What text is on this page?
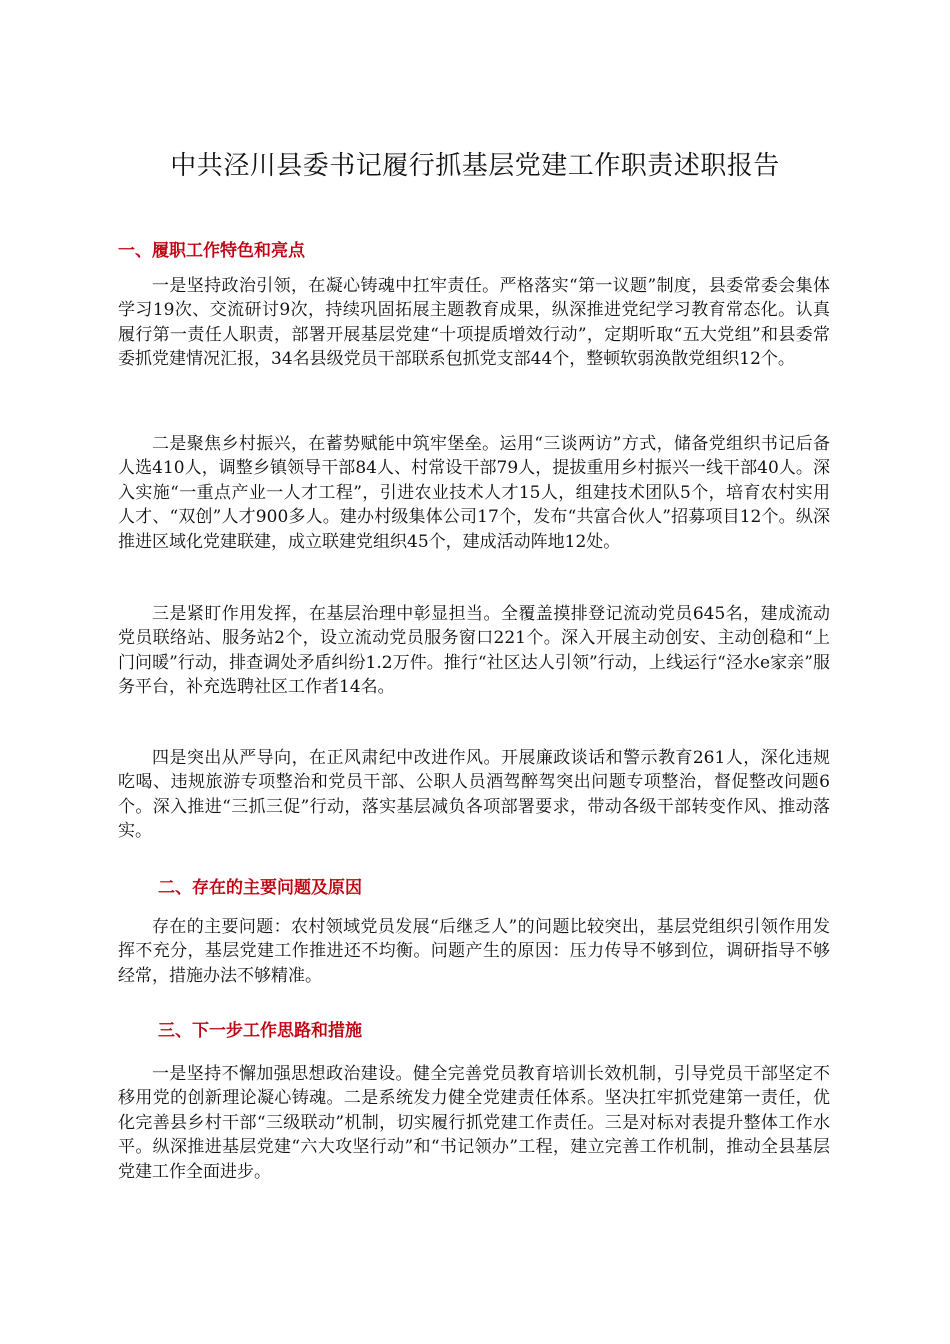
中共泾川县委书记履行抓基层党建工作职责述职报告
一、履职工作特色和亮点

一是坚持政治引领，在凝心铸魂中扛牢责任。严格落实“第一议题”制度，县委常委会集体学习19次、交流研讨9次，持续巩固拓展主题教育成果，纵深推进党纪学习教育常态化。认真履行第一责任人职责，部署开展基层党建“十项提质增效行动”，定期听取“五大党组”和县委常委抓党建情况汇报，34名县级党员干部联系包抓党支部44个，整顿软弱涣散党组织12个。

二是聚焦乡村振兴，在蓄势赋能中筑牢堡垒。运用“三谈两访”方式，储备党组织书记后备人选410人，调整乡镇领导干部84人、村常设干部79人，提拔重用乡村振兴一线干部40人。深入实施“一重点产业一人才工程”，引进农业技术人才15人，组建技术团队5个，培育农村实用人才、“双创”人才900多人。建办村级集体公司17个，发布“共富合伙人”招募项目12个。纵深推进区域化党建联建，成立联建党组织45个，建成活动阵地12处。

三是紧盯作用发挥，在基层治理中彰显担当。全覆盖摸排登记流动党员645名，建成流动党员联络站、服务站2个，设立流动党员服务窗口221个。深入开展主动创安、主动创稳和“上门问暖”行动，排查调处矛盾纠纷1.2万件。推行“社区达人引领”行动，上线运行“泾水e家亲”服务平台，补充选聘社区工作者14名。

四是突出从严导向，在正风肃纪中改进作风。开展廉政谈话和警示教育261人，深化违规吃喝、违规旅游专项整治和党员干部、公职人员酒驾醉驾突出问题专项整治，督促整改问题6个。深入推进“三抓三促”行动，落实基层减负各项部署要求，带动各级干部转变作风、推动落实。

二、存在的主要问题及原因

存在的主要问题：农村领域党员发展“后继乏人”的问题比较突出，基层党组织引领作用发挥不充分，基层党建工作推进还不均衡。问题产生的原因：压力传导不够到位，调研指导不够经常，措施办法不够精准。

三、下一步工作思路和措施

一是坚持不懈加强思想政治建设。健全完善党员教育培训长效机制，引导党员干部坚定不移用党的创新理论凝心铸魂。二是系统发力健全党建责任体系。坚决扛牢抓党建第一责任，优化完善县乡村干部“三级联动”机制，切实履行抓党建工作责任。三是对标对表提升整体工作水平。纵深推进基层党建“六大攻坚行动”和“书记领办”工程，建立完善工作机制，推动全县基层党建工作全面进步。
